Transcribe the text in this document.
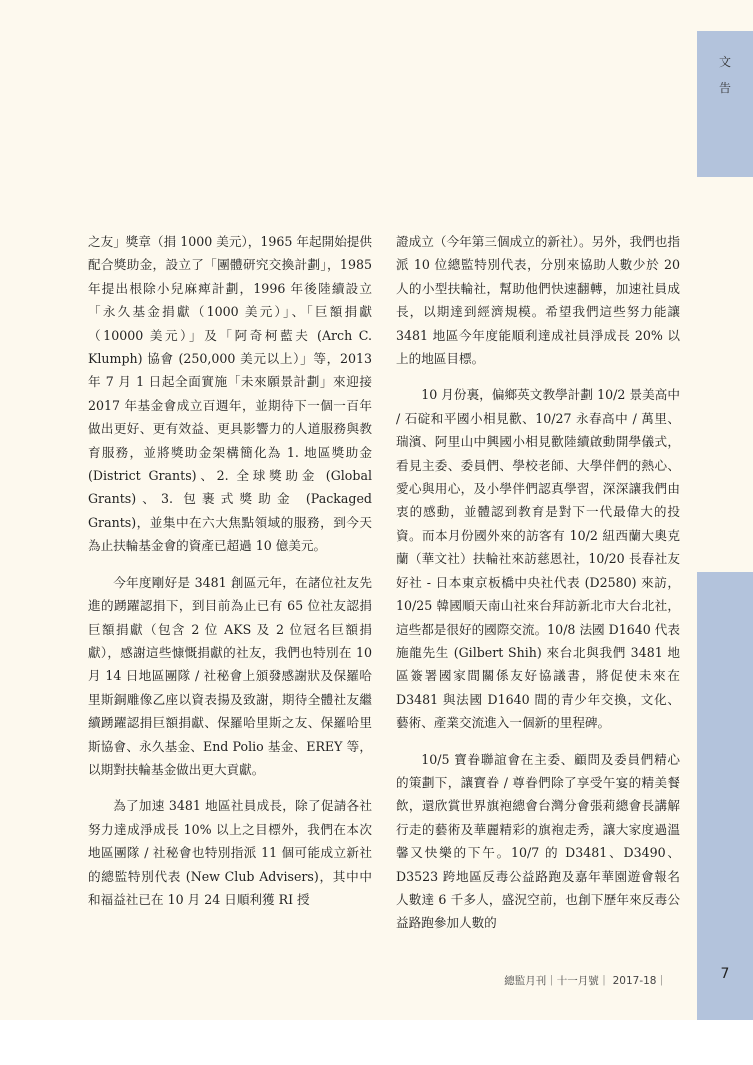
文
告

之友」獎章（捐 1000 美元），1965 年起開始提供配合獎助金，設立了「團體研究交換計劃」，1985 年提出根除小兒麻痺計劃，1996 年後陸續設立「永久基金捐獻（1000 美元）」、「巨額捐獻（10000 美元）」及「阿奇柯藍夫 (Arch C. Klumph) 協會 (250,000 美元以上）」等，2013 年 7 月 1 日起全面實施「未來願景計劃」來迎接 2017 年基金會成立百週年，並期待下一個一百年做出更好、更有效益、更具影響力的人道服務與教育服務，並將獎助金架構簡化為 1. 地區獎助金 (District Grants)、2. 全球獎助金 (Global Grants)、3. 包裹式獎助金 (Packaged Grants)，並集中在六大焦點領域的服務，到今天為止扶輪基金會的資產已超過 10 億美元。

今年度剛好是 3481 創區元年，在諸位社友先進的踴躍認捐下，到目前為止已有 65 位社友認捐巨額捐獻（包含 2 位 AKS 及 2 位冠名巨額捐獻），感謝這些慷慨捐獻的社友，我們也特別在 10 月 14 日地區團隊 / 社秘會上頒發感謝狀及保羅哈里斯銅雕像乙座以資表揚及致謝，期待全體社友繼續踴躍認捐巨額捐獻、保羅哈里斯之友、保羅哈里斯協會、永久基金、End Polio 基金、EREY 等，以期對扶輪基金做出更大貢獻。

為了加速 3481 地區社員成長，除了促請各社努力達成淨成長 10% 以上之目標外，我們在本次地區團隊 / 社秘會也特別指派 11 個可能成立新社的總監特別代表 (New Club Advisers)，其中中和福益社已在 10 月 24 日順利獲 RI 授

證成立（今年第三個成立的新社）。另外，我們也指派 10 位總監特別代表，分別來協助人數少於 20 人的小型扶輪社，幫助他們快速翻轉，加速社員成長，以期達到經濟規模。希望我們這些努力能讓 3481 地區今年度能順利達成社員淨成長 20% 以上的地區目標。

10 月份裏，偏鄉英文教學計劃 10/2 景美高中 / 石碇和平國小相見歡、10/27 永春高中 / 萬里、瑞濱、阿里山中興國小相見歡陸續啟動開學儀式，看見主委、委員們、學校老師、大學伴們的熱心、愛心與用心，及小學伴們認真學習，深深讓我們由衷的感動，並體認到教育是對下一代最偉大的投資。而本月份國外來的訪客有 10/2 紐西蘭大奧克蘭（華文社）扶輪社來訪慈恩社，10/20 長春社友好社 - 日本東京板橋中央社代表 (D2580) 來訪，10/25 韓國順天南山社來台拜訪新北市大台北社，這些都是很好的國際交流。10/8 法國 D1640 代表施龍先生 (Gilbert Shih) 來台北與我們 3481 地區簽署國家間關係友好協議書，將促使未來在 D3481 與法國 D1640 間的青少年交換，文化、藝術、產業交流進入一個新的里程碑。

10/5 寶眷聯誼會在主委、顧問及委員們精心的策劃下，讓寶眷 / 尊眷們除了享受午宴的精美餐飲，還欣賞世界旗袍總會台灣分會張莉總會長講解行走的藝術及華麗精彩的旗袍走秀，讓大家度過溫馨又快樂的下午。10/7 的 D3481、D3490、D3523 跨地區反毒公益路跑及嘉年華園遊會報名人數達 6 千多人，盛況空前，也創下歷年來反毒公益路跑參加人數的

總監月刊｜十一月號｜ 2017-18｜	7
